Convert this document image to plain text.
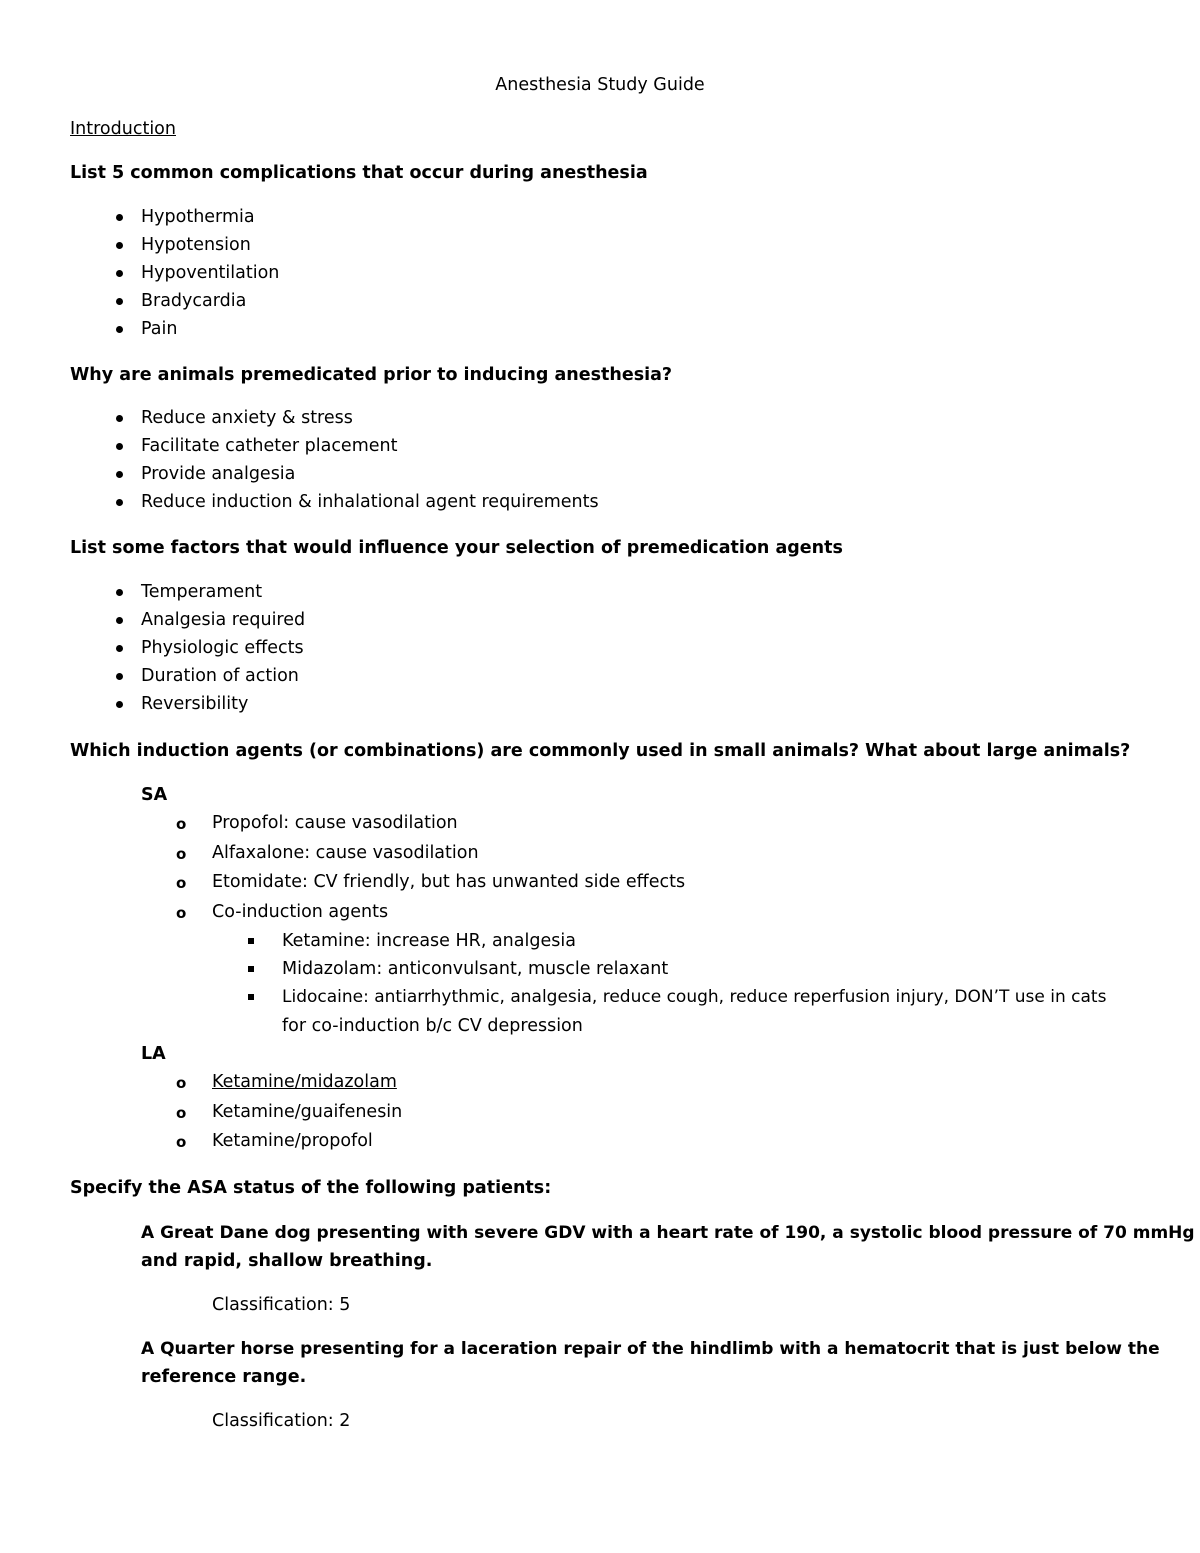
Anesthesia Study Guide
Introduction
List 5 common complications that occur during anesthesia
Hypothermia
Hypotension
Hypoventilation
Bradycardia
Pain
Why are animals premedicated prior to inducing anesthesia?
Reduce anxiety & stress
Facilitate catheter placement
Provide analgesia
Reduce induction & inhalational agent requirements
List some factors that would influence your selection of premedication agents
Temperament
Analgesia required
Physiologic effects
Duration of action
Reversibility
Which induction agents (or combinations) are commonly used in small animals? What about large animals?
SA
o Propofol: cause vasodilation
o Alfaxalone: cause vasodilation
o Etomidate: CV friendly, but has unwanted side effects
o Co-induction agents
Ketamine: increase HR, analgesia
Midazolam: anticonvulsant, muscle relaxant
Lidocaine: antiarrhythmic, analgesia, reduce cough, reduce reperfusion injury, DON’T use in cats
for co-induction b/c CV depression
LA
o Ketamine/midazolam
o Ketamine/guaifenesin
o Ketamine/propofol
Specify the ASA status of the following patients:
A Great Dane dog presenting with severe GDV with a heart rate of 190, a systolic blood pressure of 70 mmHg
and rapid, shallow breathing.
Classification: 5
A Quarter horse presenting for a laceration repair of the hindlimb with a hematocrit that is just below the
reference range.
Classification: 2
